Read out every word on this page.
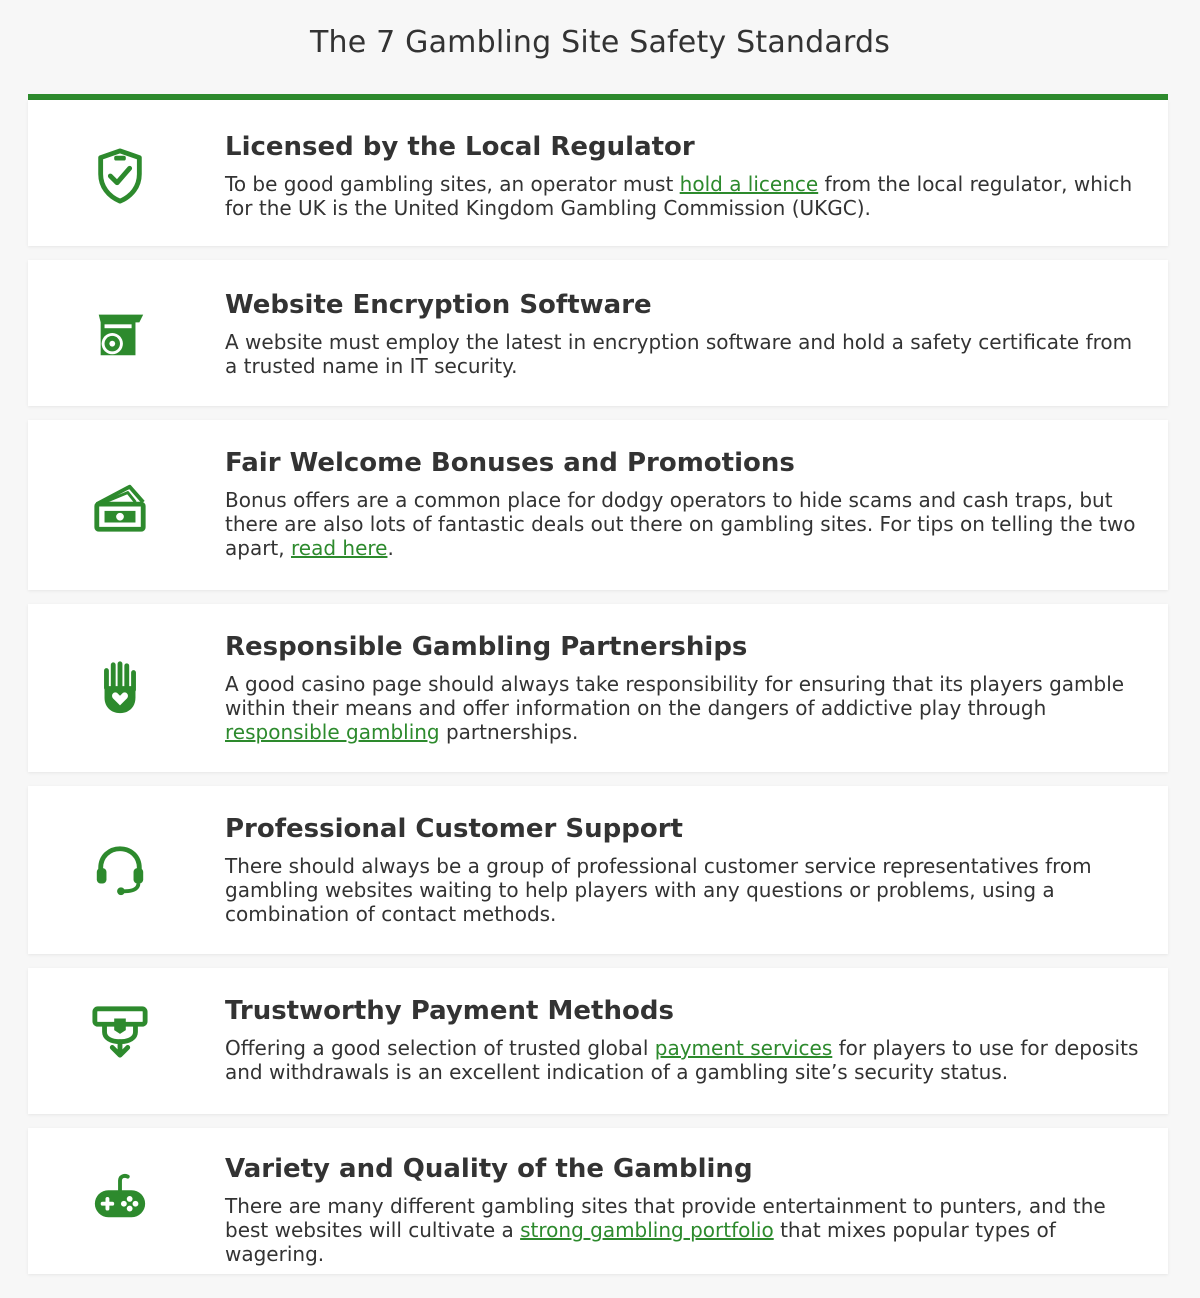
The 7 Gambling Site Safety Standards
Licensed by the Local Regulator

To be good gambling sites, an operator must hold a licence from the local regulator, which for the UK is the United Kingdom Gambling Commission (UKGC).

Website Encryption Software

A website must employ the latest in encryption software and hold a safety certificate from a trusted name in IT security.

Fair Welcome Bonuses and Promotions

Bonus offers are a common place for dodgy operators to hide scams and cash traps, but there are also lots of fantastic deals out there on gambling sites. For tips on telling the two apart, read here.

Responsible Gambling Partnerships

A good casino page should always take responsibility for ensuring that its players gamble within their means and offer information on the dangers of addictive play through responsible gambling partnerships.

Professional Customer Support

There should always be a group of professional customer service representatives from gambling websites waiting to help players with any questions or problems, using a combination of contact methods.

Trustworthy Payment Methods

Offering a good selection of trusted global payment services for players to use for deposits and withdrawals is an excellent indication of a gambling site’s security status.

Variety and Quality of the Gambling

There are many different gambling sites that provide entertainment to punters, and the best websites will cultivate a strong gambling portfolio that mixes popular types of wagering.
